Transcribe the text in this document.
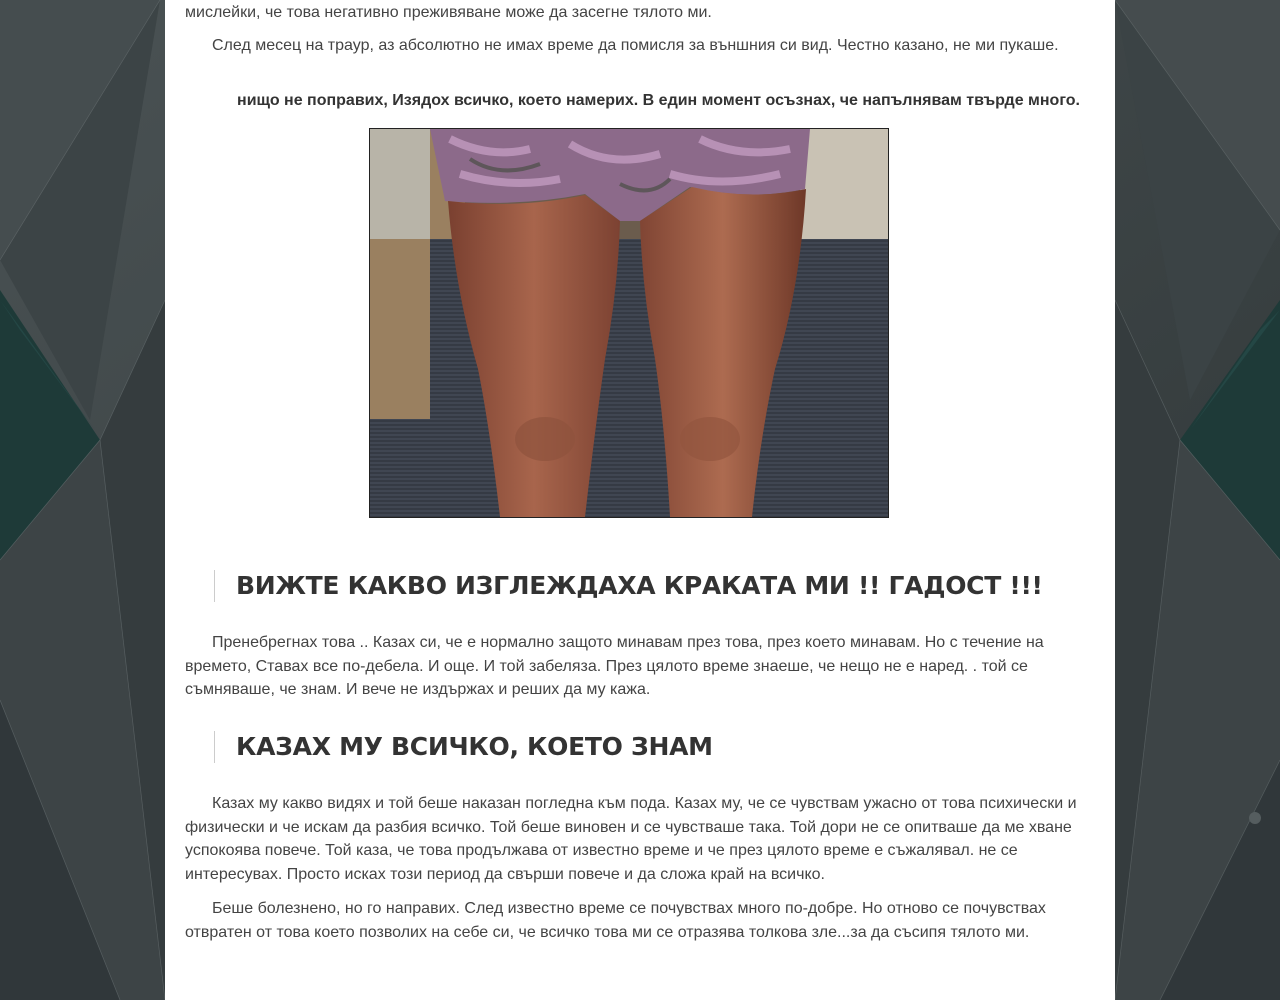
мислейки, че това негативно преживяване може да засегне тялото ми.

След месец на траур, аз абсолютно не имах време да помисля за външния си вид. Честно казано, не ми пукаше.

нищо не поправих, Изядох всичко, което намерих. В един момент осъзнах, че напълнявам твърде много.

ВИЖТЕ КАКВО ИЗГЛЕЖДАХА КРАКАТА МИ !! ГАДОСТ !!!

Пренебрегнах това .. Казах си, че е нормално защото минавам през това, през което минавам. Но с течение на времето, Ставах все по-дебела. И още. И той забеляза. През цялото време знаеше, че нещо не е наред. . той се съмняваше, че знам. И вече не издържах и реших да му кажа.

КАЗАХ МУ ВСИЧКО, КОЕТО ЗНАМ

Казах му какво видях и той беше наказан погледна към пода. Казах му, че се чувствам ужасно от това психически и физически и че искам да разбия всичко. Той беше виновен и се чувстваше така. Той дори не се опитваше да ме хване успокоява повече. Той каза, че това продължава от известно време и че през цялото време е съжалявал. не се интересувах. Просто исках този период да свърши повече и да сложа край на всичко.

Беше болезнено, но го направих. След известно време се почувствах много по-добре. Но отново се почувствах отвратен от това което позволих на себе си, че всичко това ми се отразява толкова зле...за да съсипя тялото ми.
